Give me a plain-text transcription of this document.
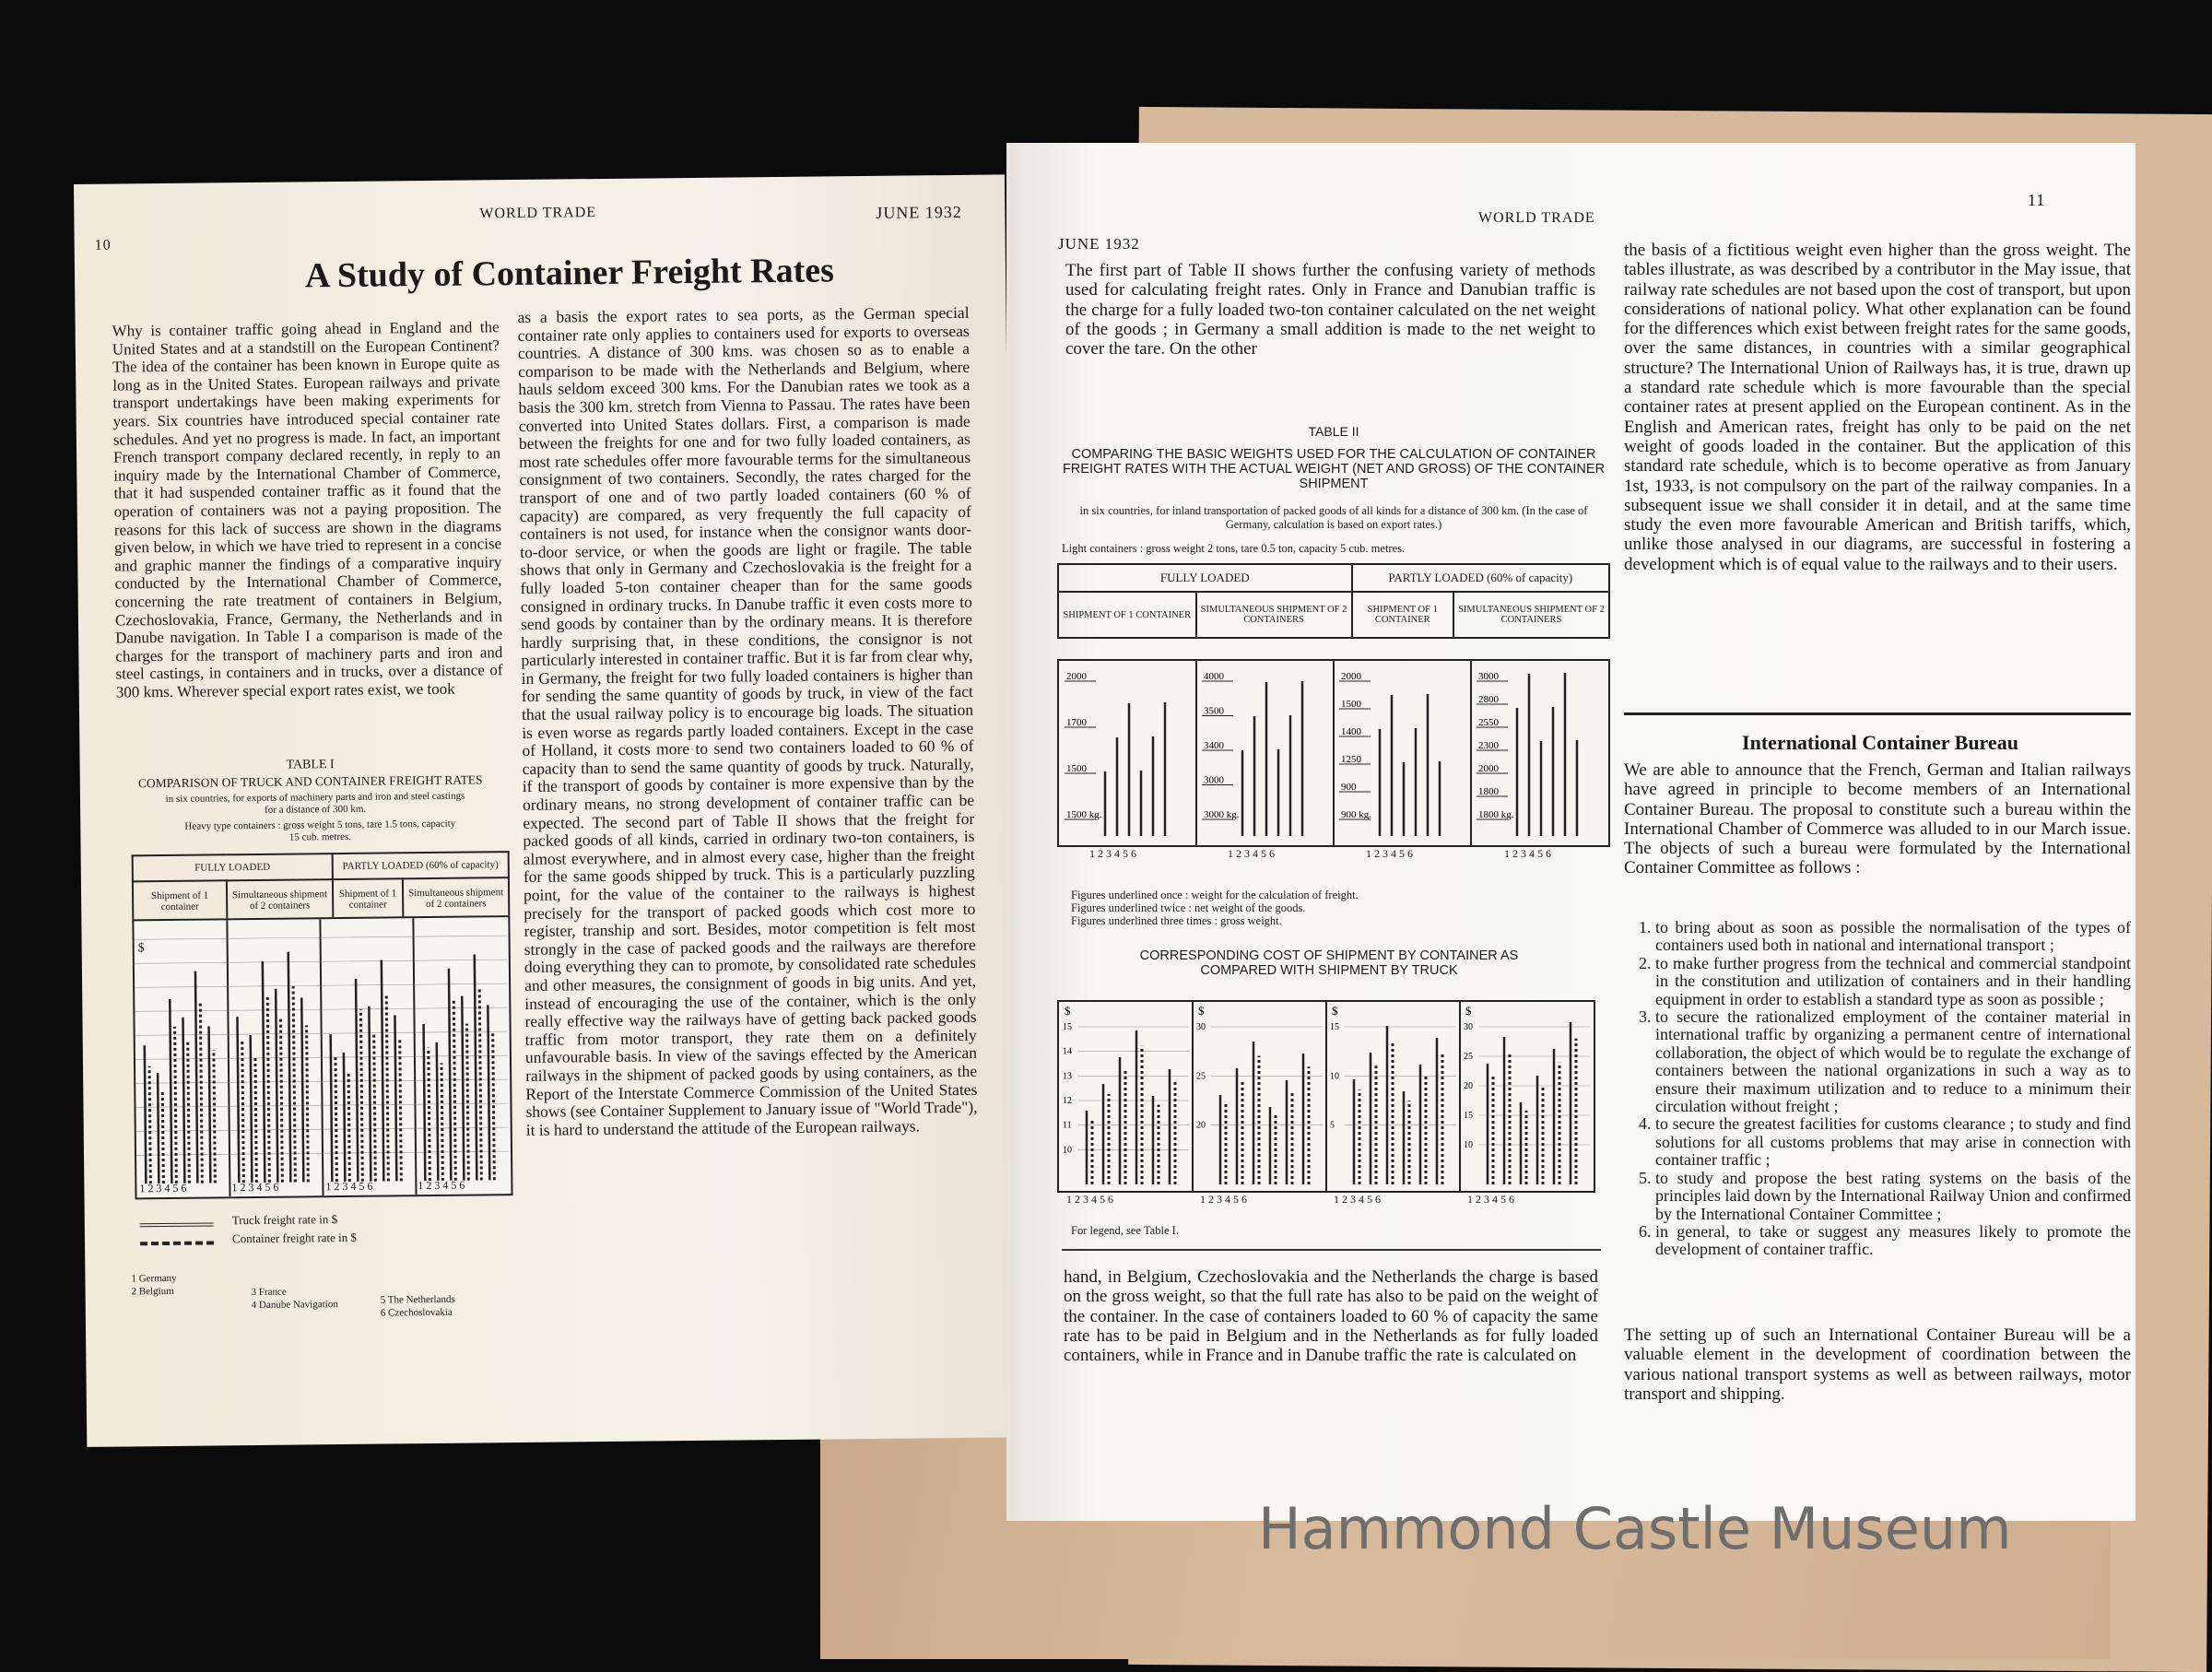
10
WORLD TRADE	JUNE 1932
A Study of Container Freight Rates
Why is container traffic going ahead in England and the United States and at a standstill on the European Continent? The idea of the container has been known in Europe quite as long as in the United States. European railways and private transport undertakings have been making experiments for years. Six countries have introduced special container rate schedules. And yet no progress is made. In fact, an important French transport company declared recently, in reply to an inquiry made by the International Chamber of Commerce, that it had suspended container traffic as it found that the operation of containers was not a paying proposition. The reasons for this lack of success are shown in the diagrams given below, in which we have tried to represent in a concise and graphic manner the findings of a comparative inquiry conducted by the International Chamber of Commerce, concerning the rate treatment of containers in Belgium, Czechoslovakia, France, Germany, the Netherlands and in Danube navigation. In Table I a comparison is made of the charges for the transport of machinery parts and iron and steel castings, in containers and in trucks, over a distance of 300 kms. Wherever special export rates exist, we took
as a basis the export rates to sea ports, as the German special container rate only applies to containers used for exports to overseas countries. A distance of 300 kms. was chosen so as to enable a comparison to be made with the Netherlands and Belgium, where hauls seldom exceed 300 kms. For the Danubian rates we took as a basis the 300 km. stretch from Vienna to Passau. The rates have been converted into United States dollars. First, a comparison is made between the freights for one and for two fully loaded containers, as most rate schedules offer more favourable terms for the simultaneous consignment of two containers. Secondly, the rates charged for the transport of one and of two partly loaded containers (60 % of capacity) are compared, as very frequently the full capacity of containers is not used, for instance when the consignor wants door-to-door service, or when the goods are light or fragile. The table shows that only in Germany and Czechoslovakia is the freight for a fully loaded 5-ton container cheaper than for the same goods consigned in ordinary trucks. In Danube traffic it even costs more to send goods by container than by the ordinary means. It is therefore hardly surprising that, in these conditions, the consignor is not particularly interested in container traffic. But it is far from clear why, in Germany, the freight for two fully loaded containers is higher than for sending the same quantity of goods by truck, in view of the fact that the usual railway policy is to encourage big loads. The situation is even worse as regards partly loaded containers. Except in the case of Holland, it costs more to send two containers loaded to 60 % of capacity than to send the same quantity of goods by truck. Naturally, if the transport of goods by container is more expensive than by the ordinary means, no strong development of container traffic can be expected. The second part of Table II shows that the freight for packed goods of all kinds, carried in ordinary two-ton containers, is almost everywhere, and in almost every case, higher than the freight for the same goods shipped by truck. This is a particularly puzzling point, for the value of the container to the railways is highest precisely for the transport of packed goods which cost more to register, tranship and sort. Besides, motor competition is felt most strongly in the case of packed goods and the railways are therefore doing everything they can to promote, by consolidated rate schedules and other measures, the consignment of goods in big units. And yet, instead of encouraging the use of the container, which is the only really effective way the railways have of getting back packed goods traffic from motor transport, they rate them on a definitely unfavourable basis. In view of the savings effected by the American railways in the shipment of packed goods by using containers, as the Report of the Interstate Commerce Commission of the United States shows (see Container Supplement to January issue of "World Trade"), it is hard to understand the attitude of the European railways.
TABLE I
COMPARISON OF TRUCK AND CONTAINER FREIGHT RATES
in six countries, for exports of machinery parts and iron and steel castings for a distance of 300 km.
Heavy type containers : gross weight 5 tons, tare 1.5 tons, capacity 15 cub. metres.
FULLY LOADED		PARTLY LOADED (60% of capacity)	
Shipment of 1 container	Simultaneous shipment of 2 containers	Shipment of 1 container	Simultaneous shipment of 2 containers
1 2 3 4 5 6	1 2 3 4 5 6	1 2 3 4 5 6	1 2 3 4 5 6
$
Truck freight rate in $
Container freight rate in $
1 Germany
2 Belgium	3 France
4 Danube Navigation	5 The Netherlands
6 Czechoslovakia
JUNE 1932
WORLD TRADE
11
The first part of Table II shows further the confusing variety of methods used for calculating freight rates. Only in France and Danubian traffic is the charge for a fully loaded two-ton container calculated on the net weight of the goods ; in Germany a small addition is made to the net weight to cover the tare. On the other
TABLE II
COMPARING THE BASIC WEIGHTS USED FOR THE CALCULATION OF CONTAINER FREIGHT RATES WITH THE ACTUAL WEIGHT (NET AND GROSS) OF THE CONTAINER SHIPMENT
in six countries, for inland transportation of packed goods of all kinds for a distance of 300 km. (In the case of Germany, calculation is based on export rates.)
Light containers : gross weight 2 tons, tare 0.5 ton, capacity 5 cub. metres.
FULLY LOADED		PARTLY LOADED (60% of capacity)	
SHIPMENT OF 1 CONTAINER	SIMULTANEOUS SHIPMENT OF 2 CONTAINERS	SHIPMENT OF 1 CONTAINER	SIMULTANEOUS SHIPMENT OF 2 CONTAINERS
2000
1700
1500
1500 kg.
4000
3500
3400
3000
3000 kg.
2000
1500
1400
1250
900
900 kg.
3000
2800
2550
2300
2000
1800
1800 kg.
1 2 3 4 5 6	1 2 3 4 5 6	1 2 3 4 5 6	1 2 3 4 5 6
Figures underlined once : weight for the calculation of freight.
Figures underlined twice : net weight of the goods.
Figures underlined three times : gross weight.
CORRESPONDING COST OF SHIPMENT BY CONTAINER AS COMPARED WITH SHIPMENT BY TRUCK
$
15
14
13
12
11
10
$
30
25
20
$
15
10
5
$
30
25
20
15
10
1 2 3 4 5 6	1 2 3 4 5 6	1 2 3 4 5 6	1 2 3 4 5 6
For legend, see Table I.
hand, in Belgium, Czechoslovakia and the Netherlands the charge is based on the gross weight, so that the full rate has also to be paid on the weight of the container. In the case of containers loaded to 60 % of capacity the same rate has to be paid in Belgium and in the Netherlands as for fully loaded containers, while in France and in Danube traffic the rate is calculated on
the basis of a fictitious weight even higher than the gross weight. The tables illustrate, as was described by a contributor in the May issue, that railway rate schedules are not based upon the cost of transport, but upon considerations of national policy. What other explanation can be found for the differences which exist between freight rates for the same goods, over the same distances, in countries with a similar geographical structure? The International Union of Railways has, it is true, drawn up a standard rate schedule which is more favourable than the special container rates at present applied on the European continent. As in the English and American rates, freight has only to be paid on the net weight of goods loaded in the container. But the application of this standard rate schedule, which is to become operative as from January 1st, 1933, is not compulsory on the part of the railway companies. In a subsequent issue we shall consider it in detail, and at the same time study the even more favourable American and British tariffs, which, unlike those analysed in our diagrams, are successful in fostering a development which is of equal value to the railways and to their users.
International Container Bureau
We are able to announce that the French, German and Italian railways have agreed in principle to become members of an International Container Bureau. The proposal to constitute such a bureau within the International Chamber of Commerce was alluded to in our March issue. The objects of such a bureau were formulated by the International Container Committee as follows :
1. to bring about as soon as possible the normalisation of the types of containers used both in national and international transport ;
2. to make further progress from the technical and commercial standpoint in the constitution and utilization of containers and in their handling equipment in order to establish a standard type as soon as possible ;
3. to secure the rationalized employment of the container material in international traffic by organizing a permanent centre of international collaboration, the object of which would be to regulate the exchange of containers between the national organizations in such a way as to ensure their maximum utilization and to reduce to a minimum their circulation without freight ;
4. to secure the greatest facilities for customs clearance ; to study and find solutions for all customs problems that may arise in connection with container traffic ;
5. to study and propose the best rating systems on the basis of the principles laid down by the International Railway Union and confirmed by the International Container Committee ;
6. in general, to take or suggest any measures likely to promote the development of container traffic.
The setting up of such an International Container Bureau will be a valuable element in the development of coordination between the various national transport systems as well as between railways, motor transport and shipping.
Hammond Castle Museum
